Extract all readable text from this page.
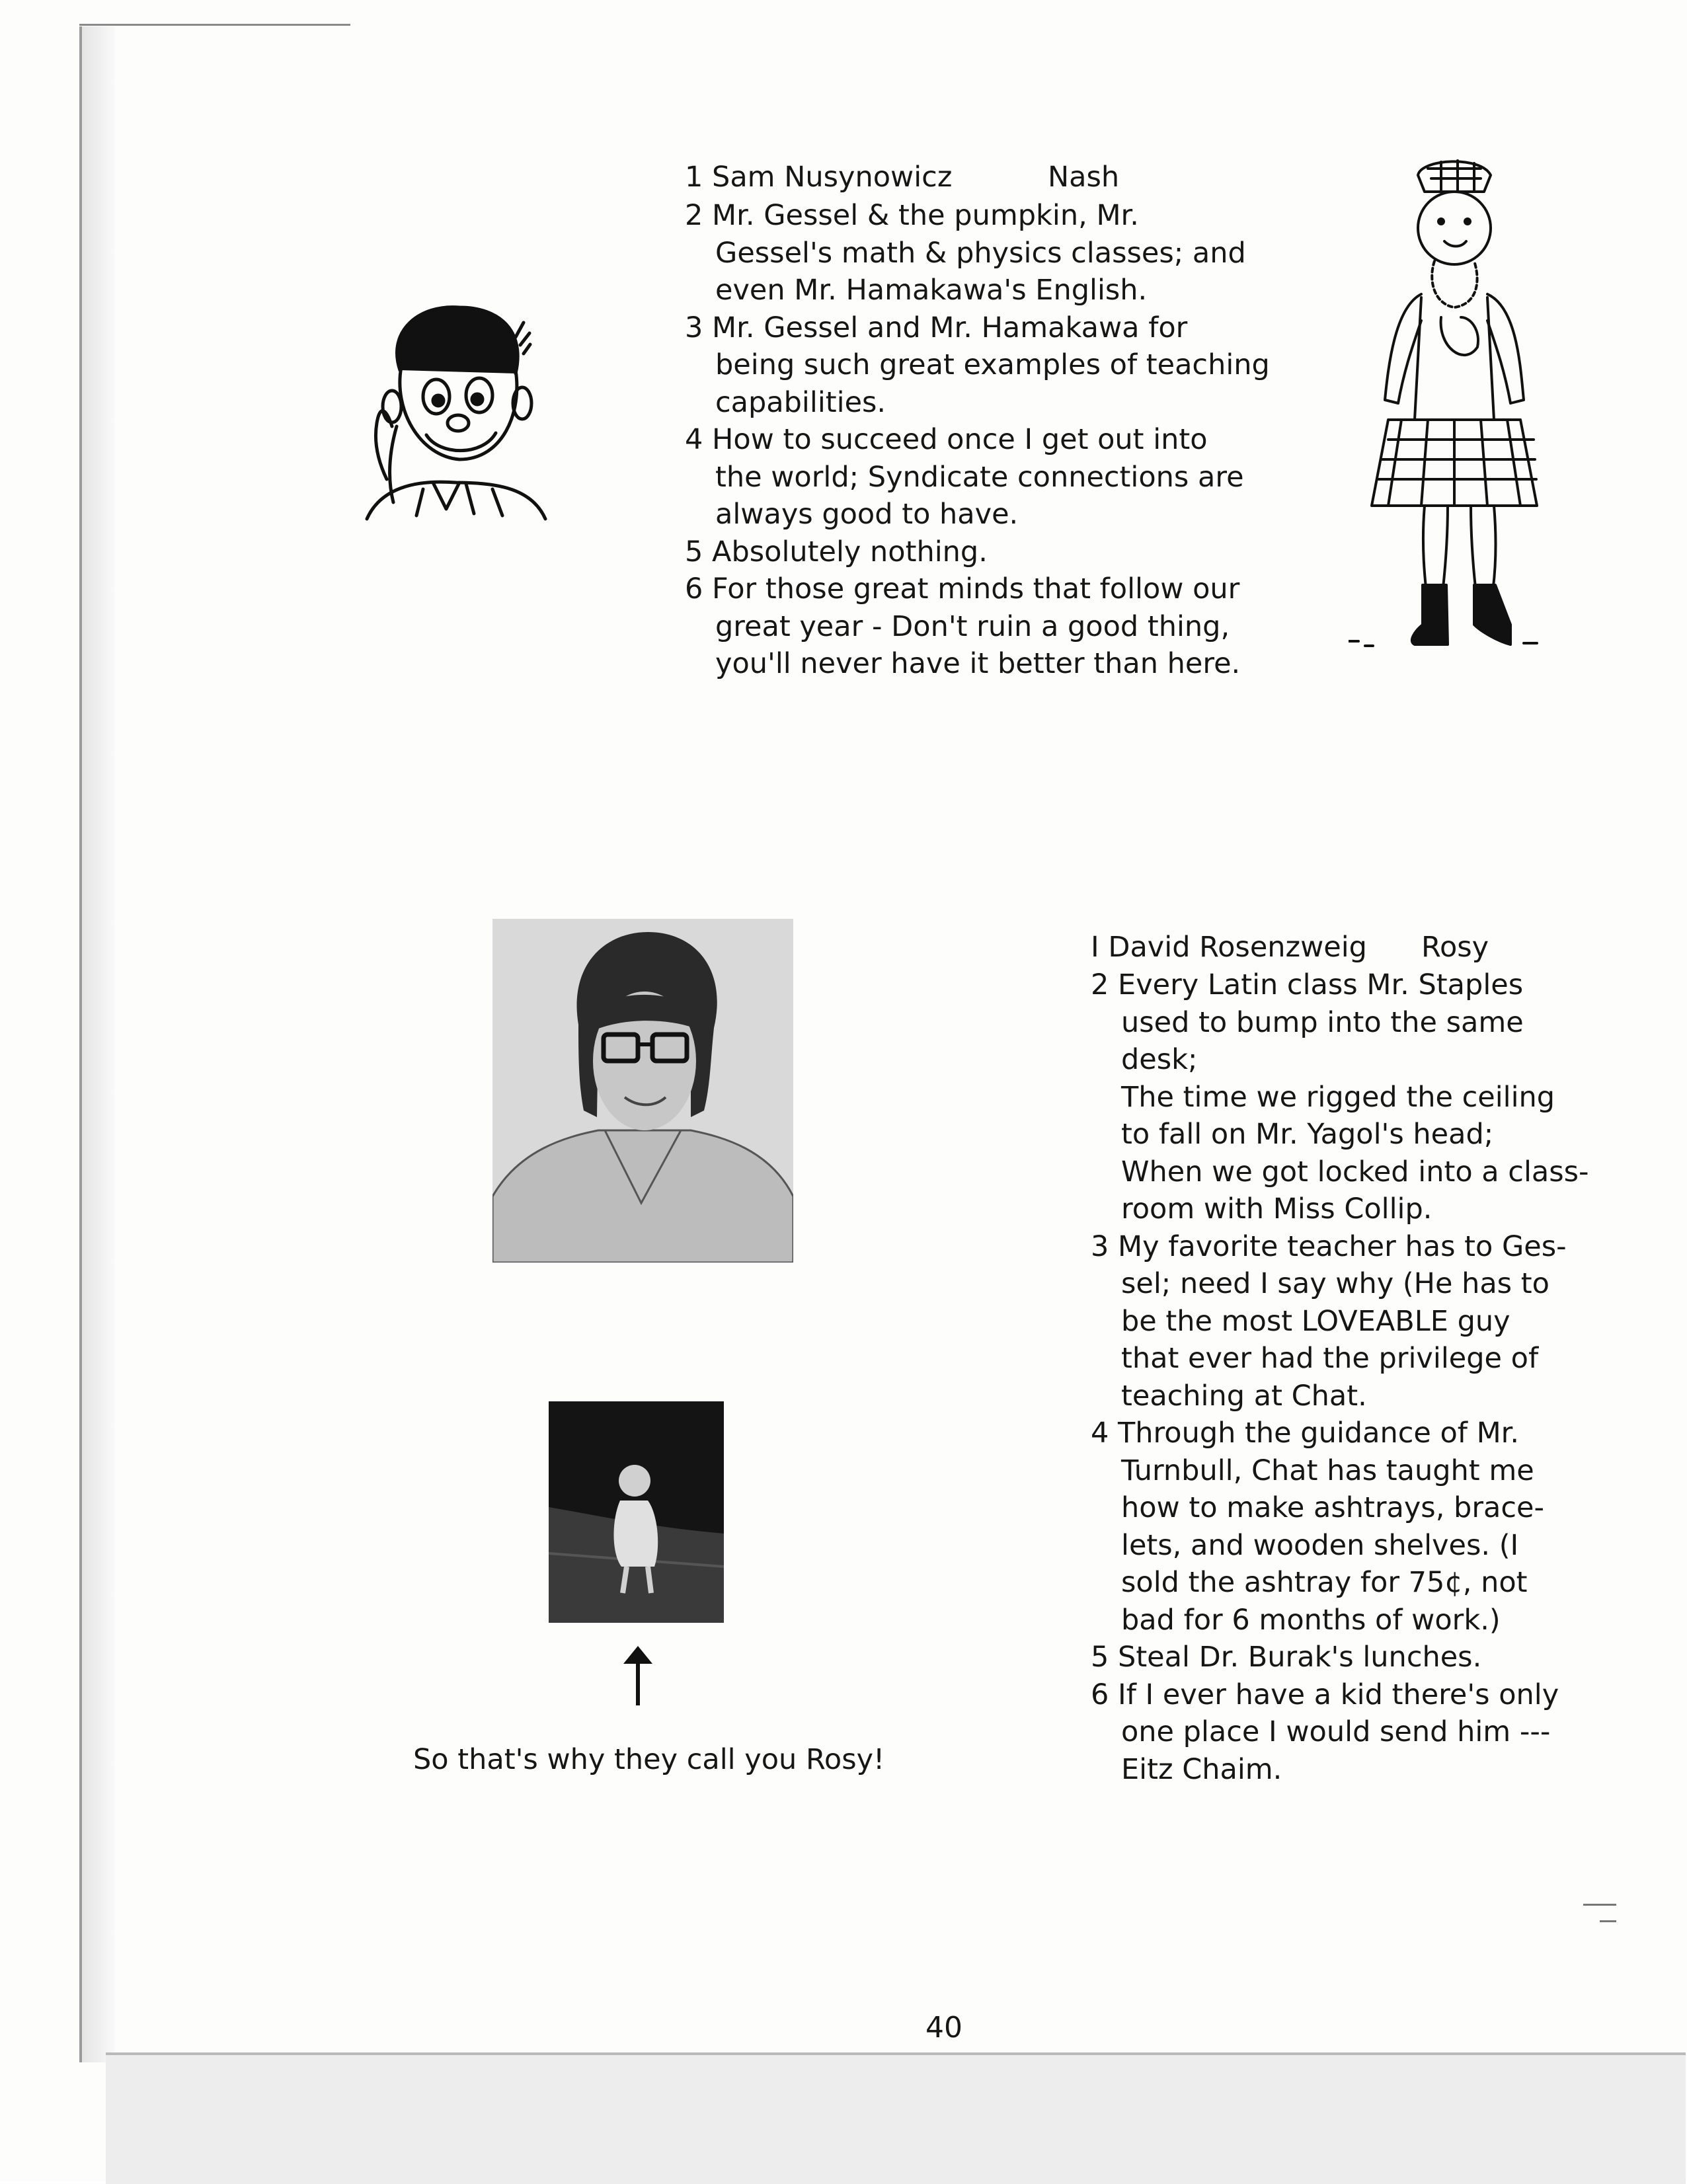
1 Sam Nusynowicz	Nash
2 Mr. Gessel & the pumpkin, Mr.
Gessel's math & physics classes; and
even Mr. Hamakawa's English.
3 Mr. Gessel and Mr. Hamakawa for
being such great examples of teaching
capabilities.
4 How to succeed once I get out into
the world; Syndicate connections are
always good to have.
5 Absolutely nothing.
6 For those great minds that follow our
great year - Don't ruin a good thing,
you'll never have it better than here.
So that's why they call you Rosy!
I David Rosenzweig Rosy
2 Every Latin class Mr. Staples
used to bump into the same desk;
The time we rigged the ceiling
to fall on Mr. Yagol's head;
When we got locked into a class-
room with Miss Collip.
3 My favorite teacher has to Ges-
sel; need I say why (He has to
be the most LOVEABLE guy
that ever had the privilege of
teaching at Chat.
4 Through the guidance of Mr.
Turnbull, Chat has taught me
how to make ashtrays, brace-
lets, and wooden shelves. (I
sold the ashtray for 75¢, not
bad for 6 months of work.)
5 Steal Dr. Burak's lunches.
6 If I ever have a kid there's only
one place I would send him ---
Eitz Chaim.
40
